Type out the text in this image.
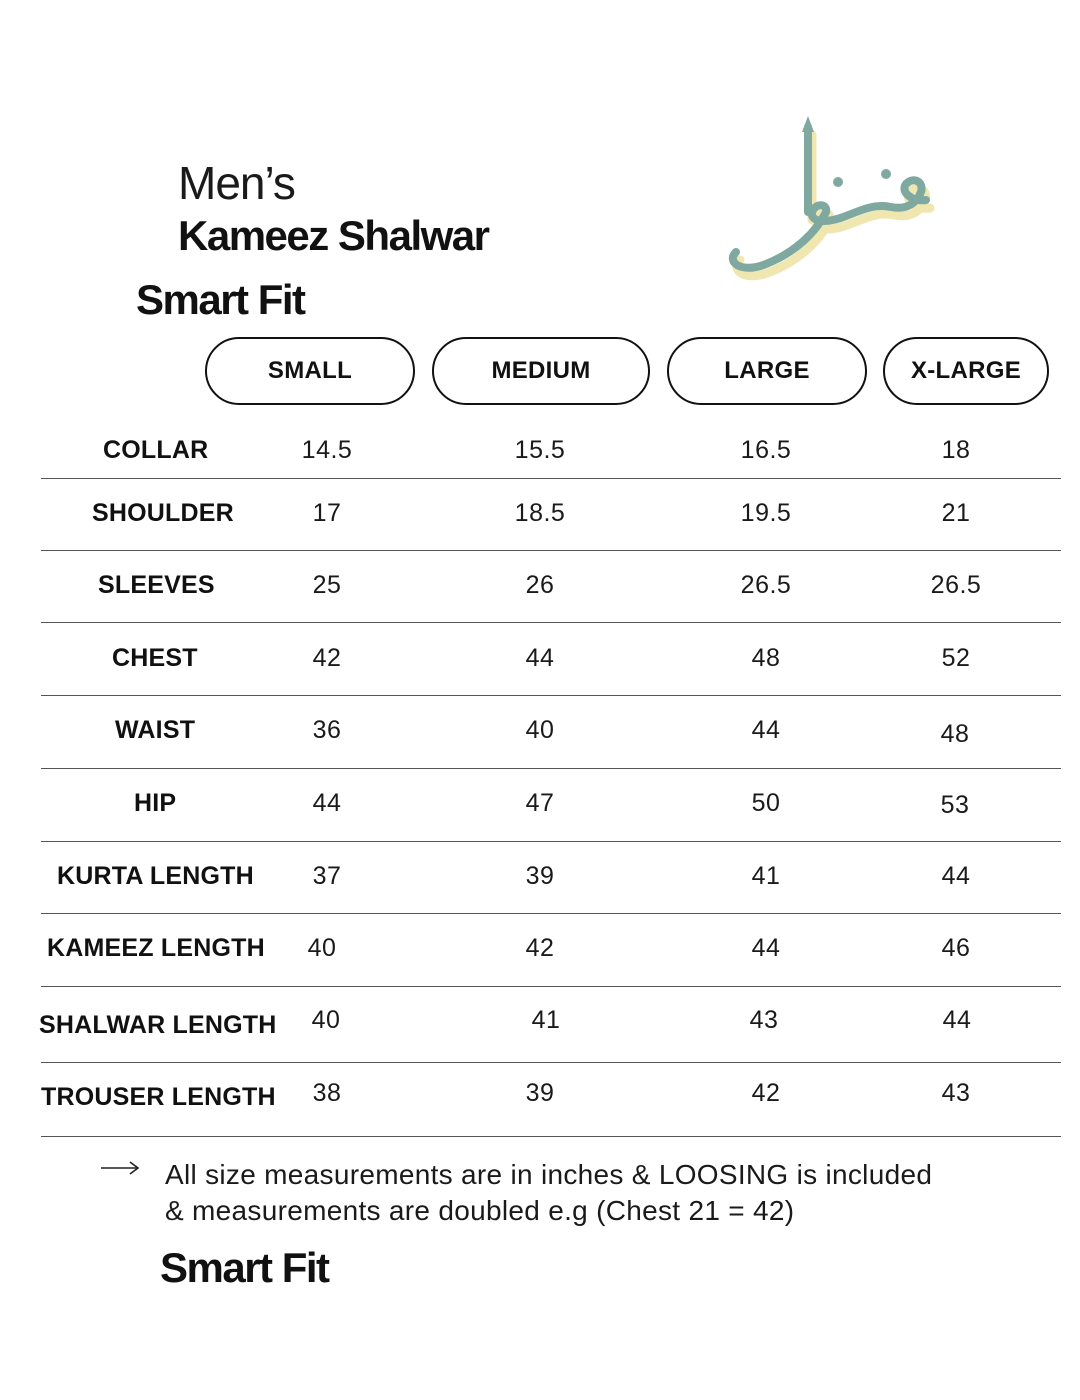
Men’s
Kameez Shalwar
Smart Fit
SMALL	MEDIUM	LARGE	X-LARGE
COLLAR	14.5	15.5	16.5	18
SHOULDER	17	18.5	19.5	21
SLEEVES	25	26	26.5	26.5
CHEST	42	44	48	52
WAIST	36	40	44	48
HIP	44	47	50	53
KURTA LENGTH 37	39	41	44
KAMEEZ LENGTH 40	42	44	46
SHALWAR LENGTH 40	41	43	44
TROUSER LENGTH 38	39	42	43
All size measurements are in inches & LOOSING is included
& measurements are doubled e.g (Chest 21 = 42)
Smart Fit
